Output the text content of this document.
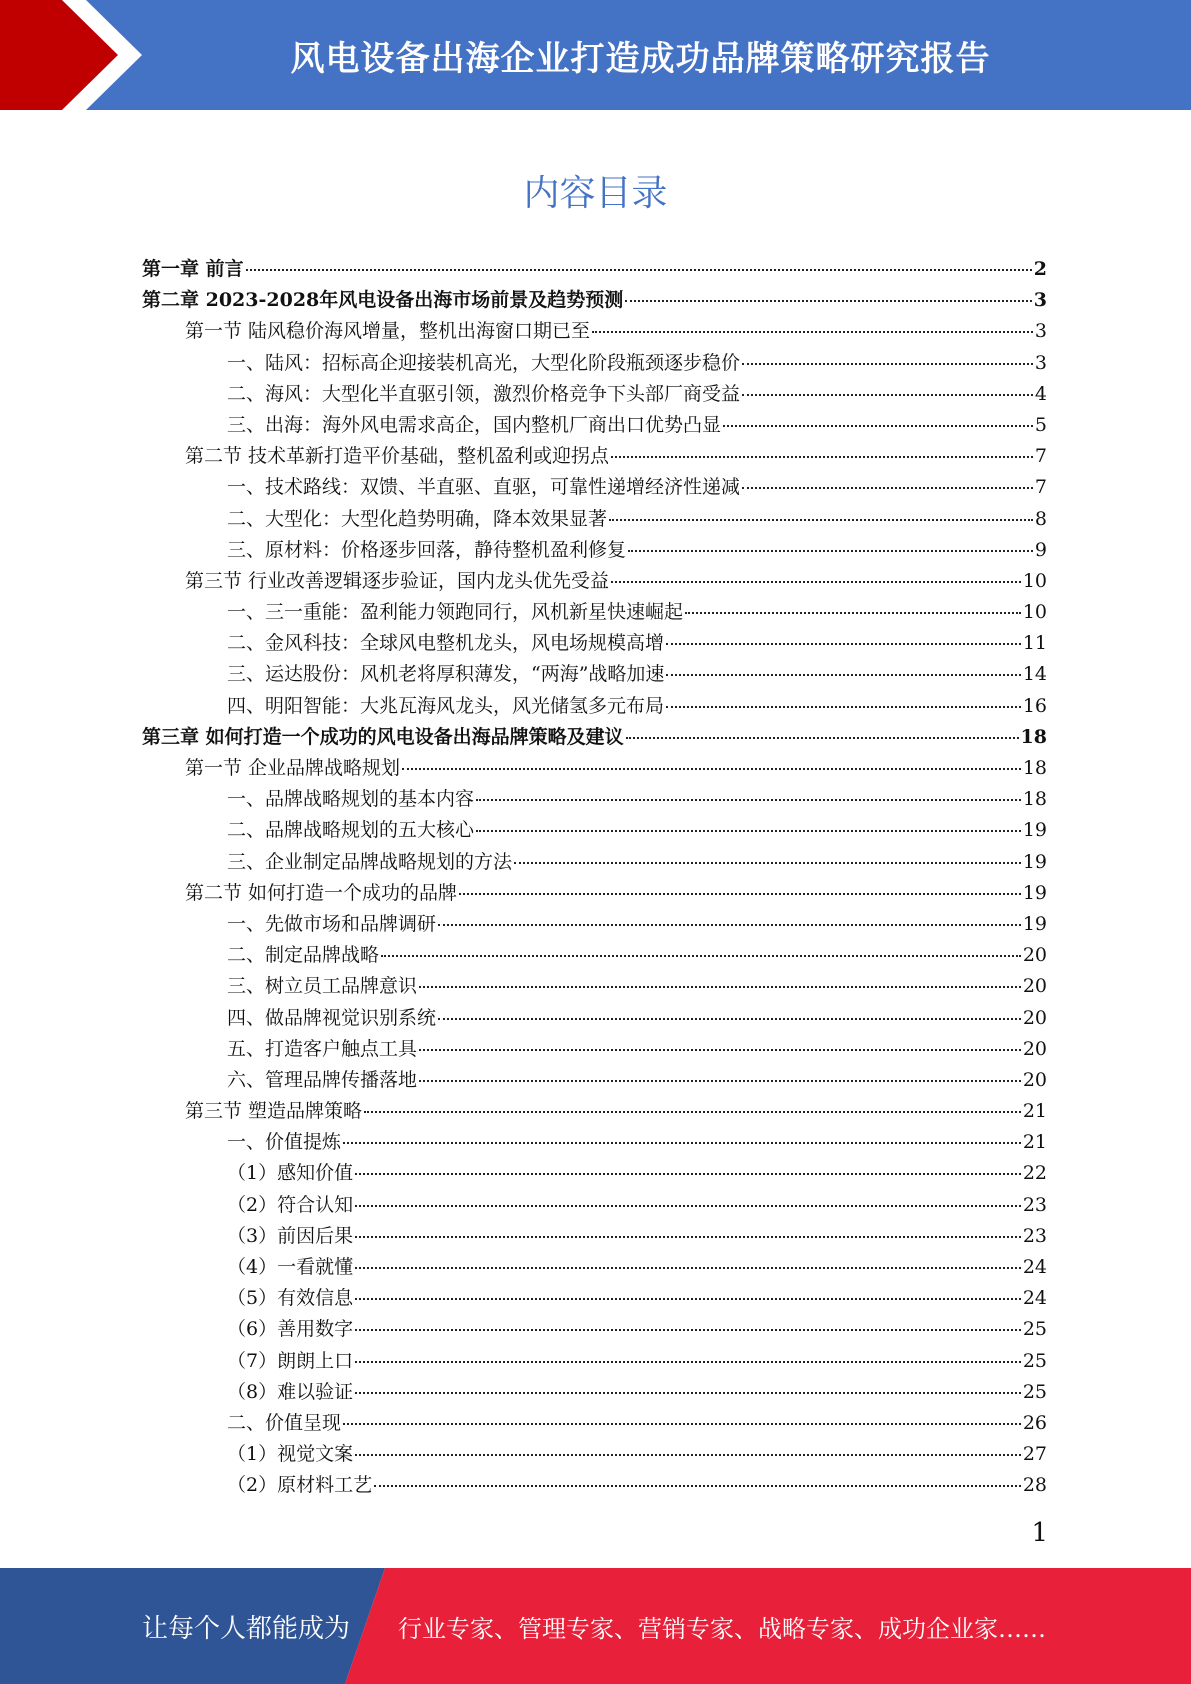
风电设备出海企业打造成功品牌策略研究报告
内容目录
第一章 前言	2
第二章 2023-2028年风电设备出海市场前景及趋势预测	3
第一节 陆风稳价海风增量，整机出海窗口期已至	3
一、陆风：招标高企迎接装机高光，大型化阶段瓶颈逐步稳价	3
二、海风：大型化半直驱引领，激烈价格竞争下头部厂商受益	4
三、出海：海外风电需求高企，国内整机厂商出口优势凸显	5
第二节 技术革新打造平价基础，整机盈利或迎拐点	7
一、技术路线：双馈、半直驱、直驱，可靠性递增经济性递减	7
二、大型化：大型化趋势明确，降本效果显著	8
三、原材料：价格逐步回落，静待整机盈利修复	9
第三节 行业改善逻辑逐步验证，国内龙头优先受益	10
一、三一重能：盈利能力领跑同行，风机新星快速崛起	10
二、金风科技：全球风电整机龙头，风电场规模高增	11
三、运达股份：风机老将厚积薄发，“两海”战略加速	14
四、明阳智能：大兆瓦海风龙头，风光储氢多元布局	16
第三章 如何打造一个成功的风电设备出海品牌策略及建议	18
第一节 企业品牌战略规划	18
一、品牌战略规划的基本内容	18
二、品牌战略规划的五大核心	19
三、企业制定品牌战略规划的方法	19
第二节 如何打造一个成功的品牌	19
一、先做市场和品牌调研	19
二、制定品牌战略	20
三、树立员工品牌意识	20
四、做品牌视觉识别系统	20
五、打造客户触点工具	20
六、管理品牌传播落地	20
第三节 塑造品牌策略	21
一、价值提炼	21
（1）感知价值	22
（2）符合认知	23
（3）前因后果	23
（4）一看就懂	24
（5）有效信息	24
（6）善用数字	25
（7）朗朗上口	25
（8）难以验证	25
二、价值呈现	26
（1）视觉文案	27
（2）原材料工艺	28
1
让每个人都能成为 行业专家、管理专家、营销专家、战略专家、成功企业家……
